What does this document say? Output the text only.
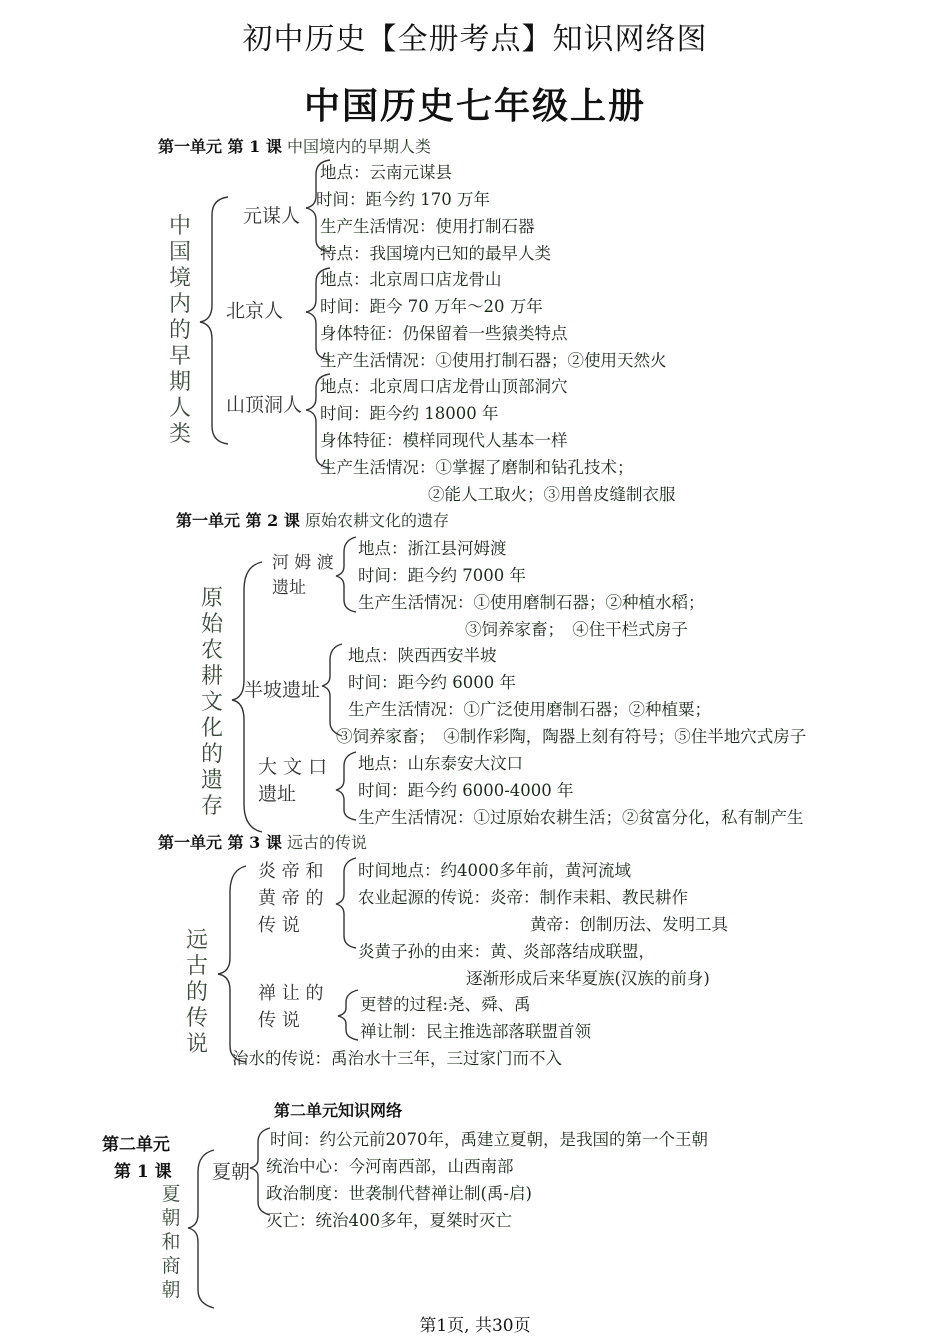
初中历史【全册考点】知识网络图
中国历史七年级上册
第一单元 第 1 课 中国境内的早期人类
中
国
境
内
的
早
期
人
类
元谋人
地点：云南元谋县
时间：距今约 170 万年
生产生活情况：使用打制石器
特点：我国境内已知的最早人类
北京人
地点：北京周口店龙骨山
时间：距今 70 万年～20 万年
身体特征：仍保留着一些猿类特点
生产生活情况：①使用打制石器；②使用天然火
山顶洞人
地点：北京周口店龙骨山顶部洞穴
时间：距今约 18000 年
身体特征：模样同现代人基本一样
生产生活情况：①掌握了磨制和钻孔技术；
②能人工取火；③用兽皮缝制衣服
第一单元 第 2 课 原始农耕文化的遗存
原
始
农
耕
文
化
的
遗
存
河 姆 渡
遗址
地点：浙江县河姆渡
时间：距今约 7000 年
生产生活情况：①使用磨制石器；②种植水稻；
③饲养家畜；　④住干栏式房子
半坡遗址
地点：陕西西安半坡
时间：距今约 6000 年
生产生活情况：①广泛使用磨制石器；②种植粟；
③饲养家畜；　④制作彩陶，陶器上刻有符号；⑤住半地穴式房子
大 文 口
遗址
地点：山东泰安大汶口
时间：距今约 6000-4000 年
生产生活情况：①过原始农耕生活；②贫富分化，私有制产生
第一单元 第 3 课 远古的传说
远
古
的
传
说
炎 帝 和
黄 帝 的
传 说
时间地点：约4000多年前，黄河流域
农业起源的传说：炎帝：制作耒耜、教民耕作
黄帝：创制历法、发明工具
炎黄子孙的由来：黄、炎部落结成联盟，
逐渐形成后来华夏族(汉族的前身)
禅 让 的
传 说
更替的过程:尧、舜、禹
禅让制：民主推选部落联盟首领
治水的传说：禹治水十三年，三过家门而不入
第二单元知识网络
第二单元
第 1 课
夏
朝
和
商
朝
夏朝
时间：约公元前2070年，禹建立夏朝，是我国的第一个王朝
统治中心：今河南西部，山西南部
政治制度：世袭制代替禅让制(禹-启)
灭亡：统治400多年，夏桀时灭亡
第1页, 共30页
